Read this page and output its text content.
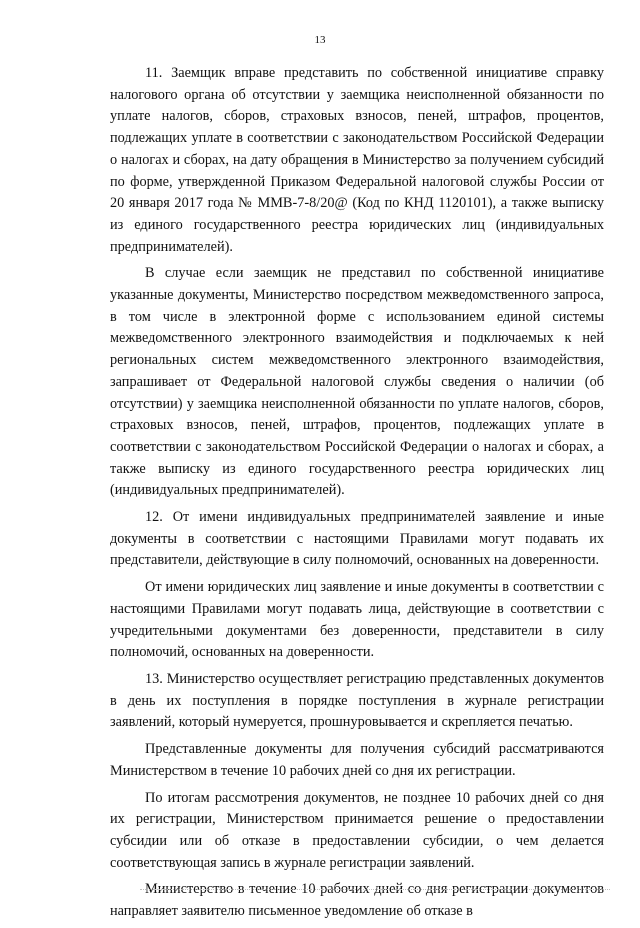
13

11. Заемщик вправе представить по собственной инициативе справку налогового органа об отсутствии у заемщика неисполненной обязанности по уплате налогов, сборов, страховых взносов, пеней, штрафов, процентов, подлежащих уплате в соответствии с законодательством Российской Федерации о налогах и сборах, на дату обращения в Министерство за получением субсидий по форме, утвержденной Приказом Федеральной налоговой службы России от 20 января 2017 года № ММВ-7-8/20@ (Код по КНД 1120101), а также выписку из единого государственного реестра юридических лиц (индивидуальных предпринимателей).

В случае если заемщик не представил по собственной инициативе указанные документы, Министерство посредством межведомственного запроса, в том числе в электронной форме с использованием единой системы межведомственного электронного взаимодействия и подключаемых к ней региональных систем межведомственного электронного взаимодействия, запрашивает от Федеральной налоговой службы сведения о наличии (об отсутствии) у заемщика неисполненной обязанности по уплате налогов, сборов, страховых взносов, пеней, штрафов, процентов, подлежащих уплате в соответствии с законодательством Российской Федерации о налогах и сборах, а также выписку из единого государственного реестра юридических лиц (индивидуальных предпринимателей).

12. От имени индивидуальных предпринимателей заявление и иные документы в соответствии с настоящими Правилами могут подавать их представители, действующие в силу полномочий, основанных на доверенности.

От имени юридических лиц заявление и иные документы в соответствии с настоящими Правилами могут подавать лица, действующие в соответствии с учредительными документами без доверенности, представители в силу полномочий, основанных на доверенности.

13. Министерство осуществляет регистрацию представленных документов в день их поступления в порядке поступления в журнале регистрации заявлений, который нумеруется, прошнуровывается и скрепляется печатью.

Представленные документы для получения субсидий рассматриваются Министерством в течение 10 рабочих дней со дня их регистрации.

По итогам рассмотрения документов, не позднее 10 рабочих дней со дня их регистрации, Министерством принимается решение о предоставлении субсидии или об отказе в предоставлении субсидии, о чем делается соответствующая запись в журнале регистрации заявлений.

Министерство в течение 10 рабочих дней со дня регистрации документов направляет заявителю письменное уведомление об отказе в
